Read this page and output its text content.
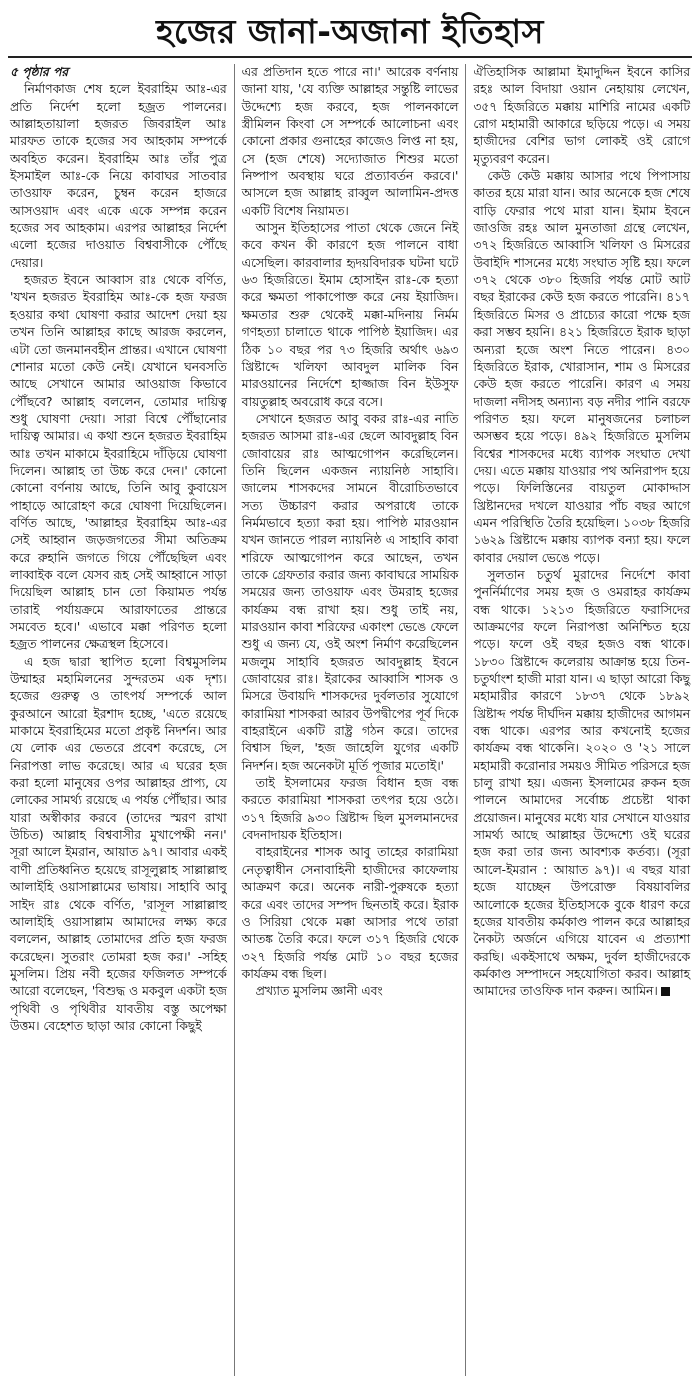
হজের জানা-অজানা ইতিহাস

৫ পৃষ্ঠার পর

নির্মাণকাজ শেষ হলে ইবরাহিম আঃ-এর প্রতি নির্দেশ হলো হজ্রত পালনের। আল্লাহতায়ালা হজরত জিবরাইল আঃ মারফত তাকে হজের সব আহকাম সম্পর্কে অবহিত করেন। ইবরাহিম আঃ তাঁর পুত্র ইসমাইল আঃ-কে নিয়ে কাবাঘর সাতবার তাওয়াফ করেন, চুম্বন করেন হাজরে আসওয়াদ এবং একে একে সম্পন্ন করেন হজের সব আহকাম। এরপর আল্লাহর নির্দেশ এলো হজের দাওয়াত বিশ্ববাসীকে পৌঁছে দেয়ার।

হজরত ইবনে আব্বাস রাঃ থেকে বর্ণিত, 'যখন হজরত ইবরাহিম আঃ-কে হজ ফরজ হওয়ার কথা ঘোষণা করার আদেশ দেয়া হয় তখন তিনি আল্লাহর কাছে আরজ করলেন, এটা তো জনমানবহীন প্রান্তর। এখানে ঘোষণা শোনার মতো কেউ নেই। যেখানে ঘনবসতি আছে সেখানে আমার আওয়াজ কিভাবে পৌঁছবে? আল্লাহ বললেন, তোমার দায়িত্ব শুধু ঘোষণা দেয়া। সারা বিশ্বে পৌঁছানোর দায়িত্ব আমার। এ কথা শুনে হজরত ইবরাহিম আঃ তখন মাকামে ইবরাহিমে দাঁড়িয়ে ঘোষণা দিলেন। আল্লাহ তা উচ্চ করে দেন।' কোনো কোনো বর্ণনায় আছে, তিনি আবু কুবায়েস পাহাড়ে আরোহণ করে ঘোষণা দিয়েছিলেন। বর্ণিত আছে, 'আল্লাহর ইবরাহিম আঃ-এর সেই আহ্বান জড়জগতের সীমা অতিক্রম করে রুহানি জগতে গিয়ে পৌঁছেছিল এবং লাব্বাইক বলে যেসব রূহ সেই আহ্বানে সাড়া দিয়েছিল আল্লাহ চান তো কিয়ামত পর্যন্ত তারাই পর্যায়ক্রমে আরাফাতের প্রান্তরে সমবেত হবে।' এভাবে মক্কা পরিণত হলো হজ্রত পালনের ক্ষেত্রস্থল হিসেবে।

এ হজ দ্বারা স্থাপিত হলো বিশ্বমুসলিম উম্মাহর মহামিলনের সুন্দরতম এক দৃশ্য। হজের গুরুত্ব ও তাৎপর্য সম্পর্কে আল কুরআনে আরো ইরশাদ হচ্ছে, 'এতে রয়েছে মাকামে ইবরাহিমের মতো প্রকৃষ্ট নিদর্শন। আর যে লোক এর ভেতরে প্রবেশ করেছে, সে নিরাপত্তা লাভ করেছে। আর এ ঘরের হজ করা হলো মানুষের ওপর আল্লাহর প্রাপ্য, যে লোকের সামর্থ্য রয়েছে এ পর্যন্ত পৌঁছার। আর যারা অস্বীকার করবে (তাদের স্মরণ রাখা উচিত) আল্লাহ বিশ্ববাসীর মুখাপেক্ষী নন।' সূরা আলে ইমরান, আয়াত ৯৭। আবার একই বাণী প্রতিধ্বনিত হয়েছে রাসূলুল্লাহ সাল্লাল্লাহু আলাইহি ওয়াসাল্লামের ভাষায়। সাহাবি আবু সাইদ রাঃ থেকে বর্ণিত, 'রাসূল সাল্লাল্লাহু আলাইহি ওয়াসাল্লাম আমাদের লক্ষ্য করে বললেন, আল্লাহ তোমাদের প্রতি হজ ফরজ করেছেন। সুতরাং তোমরা হজ কর।' -সহিহ মুসলিম। প্রিয় নবী হজের ফজিলত সম্পর্কে আরো বলেছেন, 'বিশুদ্ধ ও মকবুল একটা হজ পৃথিবী ও পৃথিবীর যাবতীয় বস্তু অপেক্ষা উত্তম। বেহেশত ছাড়া আর কোনো কিছুই

এর প্রতিদান হতে পারে না।' আরেক বর্ণনায় জানা যায়, 'যে ব্যক্তি আল্লাহর সন্তুষ্টি লাভের উদ্দেশ্যে হজ করবে, হজ পালনকালে স্ত্রীমিলন কিংবা সে সম্পর্কে আলোচনা এবং কোনো প্রকার গুনাহের কাজেও লিপ্ত না হয়, সে (হজ শেষে) সদ্যোজাত শিশুর মতো নিষ্পাপ অবস্থায় ঘরে প্রত্যাবর্তন করবে।' আসলে হজ আল্লাহ রাব্বুল আলামিন-প্রদত্ত একটি বিশেষ নিয়ামত।

আসুন ইতিহাসের পাতা থেকে জেনে নিই কবে কখন কী কারণে হজ পালনে বাধা এসেছিল। কারবালার হৃদয়বিদারক ঘটনা ঘটে ৬৩ হিজরিতে। ইমাম হোসাইন রাঃ-কে হত্যা করে ক্ষমতা পাকাপোক্ত করে নেয় ইয়াজিদ। ক্ষমতার শুরু থেকেই মক্কা-মদিনায় নির্মম গণহত্যা চালাতে থাকে পাপিষ্ঠ ইয়াজিদ। এর ঠিক ১০ বছর পর ৭৩ হিজরি অর্থাৎ ৬৯৩ খ্রিষ্টাব্দে খলিফা আবদুল মালিক বিন মারওয়ানের নির্দেশে হাজ্জাজ বিন ইউসুফ বায়তুল্লাহ অবরোধ করে বসে।

সেখানে হজরত আবু বকর রাঃ-এর নাতি হজরত আসমা রাঃ-এর ছেলে আবদুল্লাহ বিন জোবায়ের রাঃ আত্মগোপন করেছিলেন। তিনি ছিলেন একজন ন্যায়নিষ্ঠ সাহাবি। জালেম শাসকদের সামনে বীরোচিতভাবে সত্য উচ্চারণ করার অপরাধে তাকে নির্মমভাবে হত্যা করা হয়। পাপিষ্ঠ মারওয়ান যখন জানতে পারল ন্যায়নিষ্ঠ এ সাহাবি কাবা শরিফে আত্মগোপন করে আছেন, তখন তাকে গ্রেফতার করার জন্য কাবাঘরে সাময়িক সময়ের জন্য তাওয়াফ এবং উমরাহ হজের কার্যক্রম বন্ধ রাখা হয়। শুধু তাই নয়, মারওয়ান কাবা শরিফের একাংশ ভেঙে ফেলে শুধু এ জন্য যে, ওই অংশ নির্মাণ করেছিলেন মজলুম সাহাবি হজরত আবদুল্লাহ ইবনে জোবায়ের রাঃ। ইরাকের আব্বাসি শাসক ও মিসরে উবায়দি শাসকদের দুর্বলতার সুযোগে কারামিয়া শাসকরা আরব উপদ্বীপের পূর্ব দিকে বাহরাইনে একটি রাষ্ট্র গঠন করে। তাদের বিশ্বাস ছিল, 'হজ জাহেলি যুগের একটি নিদর্শন। হজ অনেকটা মূর্তি পূজার মতোই।'

তাই ইসলামের ফরজ বিধান হজ বন্ধ করতে কারামিয়া শাসকরা তৎপর হয়ে ওঠে। ৩১৭ হিজরি ৯৩০ খ্রিষ্টাব্দ ছিল মুসলমানদের বেদনাদায়ক ইতিহাস।

বাহরাইনের শাসক আবু তাহের কারামিয়া নেতৃত্বাধীন সেনাবাহিনী হাজীদের কাফেলায় আক্রমণ করে। অনেক নারী-পুরুষকে হত্যা করে এবং তাদের সম্পদ ছিনতাই করে। ইরাক ও সিরিয়া থেকে মক্কা আসার পথে তারা আতঙ্ক তৈরি করে। ফলে ৩১৭ হিজরি থেকে ৩২৭ হিজরি পর্যন্ত মোট ১০ বছর হজের কার্যক্রম বন্ধ ছিল।

প্রখ্যাত মুসলিম জ্ঞানী এবং

ঐতিহাসিক আল্লামা ইমাদুদ্দিন ইবনে কাসির রহঃ আল বিদায়া ওয়ান নেহায়ায় লেখেন, ৩৫৭ হিজরিতে মক্কায় মাশিরি নামের একটি রোগ মহামারী আকারে ছড়িয়ে পড়ে। এ সময় হাজীদের বেশির ভাগ লোকই ওই রোগে মৃত্যুবরণ করেন।

কেউ কেউ মক্কায় আসার পথে পিপাসায় কাতর হয়ে মারা যান। আর অনেকে হজ শেষে বাড়ি ফেরার পথে মারা যান। ইমাম ইবনে জাওজি রহঃ আল মুনতাজা গ্রন্থে লেখেন, ৩৭২ হিজরিতে আব্বাসি খলিফা ও মিসরের উবাইদি শাসনের মধ্যে সংঘাত সৃষ্টি হয়। ফলে ৩৭২ থেকে ৩৮০ হিজরি পর্যন্ত মোট আট বছর ইরাকের কেউ হজ করতে পারেনি। ৪১৭ হিজরিতে মিসর ও প্রাচ্যের কারো পক্ষে হজ করা সম্ভব হয়নি। ৪২১ হিজরিতে ইরাক ছাড়া অন্যরা হজে অংশ নিতে পারেন। ৪৩০ হিজরিতে ইরাক, খোরাসান, শাম ও মিসরের কেউ হজ করতে পারেনি। কারণ এ সময় দাজলা নদীসহ অন্যান্য বড় নদীর পানি বরফে পরিণত হয়। ফলে মানুষজনের চলাচল অসম্ভব হয়ে পড়ে। ৪৯২ হিজরিতে মুসলিম বিশ্বের শাসকদের মধ্যে ব্যাপক সংঘাত দেখা দেয়। এতে মক্কায় যাওয়ার পথ অনিরাপদ হয়ে পড়ে। ফিলিস্তিনের বায়তুল মোকাদ্দাস খ্রিষ্টানদের দখলে যাওয়ার পাঁচ বছর আগে এমন পরিস্থিতি তৈরি হয়েছিল। ১০৩৮ হিজরি ১৬২৯ খ্রিষ্টাব্দে মক্কায় ব্যাপক বন্যা হয়। ফলে কাবার দেয়াল ভেঙে পড়ে।

সুলতান চতুর্থ মুরাদের নির্দেশে কাবা পুনর্নির্মাণের সময় হজ ও ওমরাহর কার্যক্রম বন্ধ থাকে। ১২১৩ হিজরিতে ফরাসিদের আক্রমণের ফলে নিরাপত্তা অনিশ্চিত হয়ে পড়ে। ফলে ওই বছর হজও বন্ধ থাকে। ১৮৩০ খ্রিষ্টাব্দে কলেরায় আক্রান্ত হয়ে তিন-চতুর্থাংশ হাজী মারা যান। এ ছাড়া আরো কিছু মহামারীর কারণে ১৮৩৭ থেকে ১৮৯২ খ্রিষ্টাব্দ পর্যন্ত দীর্ঘদিন মক্কায় হাজীদের আগমন বন্ধ থাকে। এরপর আর কখনোই হজের কার্যক্রম বন্ধ থাকেনি। ২০২০ ও '২১ সালে মহামারী করোনার সময়ও সীমিত পরিসরে হজ চালু রাখা হয়। এজন্য ইসলামের রুকন হজ পালনে আমাদের সর্বোচ্চ প্রচেষ্টা থাকা প্রয়োজন। মানুষের মধ্যে যার সেখানে যাওয়ার সামর্থ্য আছে আল্লাহর উদ্দেশ্যে ওই ঘরের হজ করা তার জন্য আবশ্যক কর্তব্য। (সূরা আলে-ইমরান : আয়াত ৯৭)। এ বছর যারা হজে যাচ্ছেন উপরোক্ত বিষয়াবলির আলোকে হজের ইতিহাসকে বুকে ধারণ করে হজের যাবতীয় কর্মকাণ্ড পালন করে আল্লাহর নৈকট্য অর্জনে এগিয়ে যাবেন এ প্রত্যাশা করছি। একইসাথে অক্ষম, দুর্বল হাজীদেরকে কর্মকাণ্ড সম্পাদনে সহযোগিতা করব। আল্লাহ আমাদের তাওফিক দান করুন। আমিন।
